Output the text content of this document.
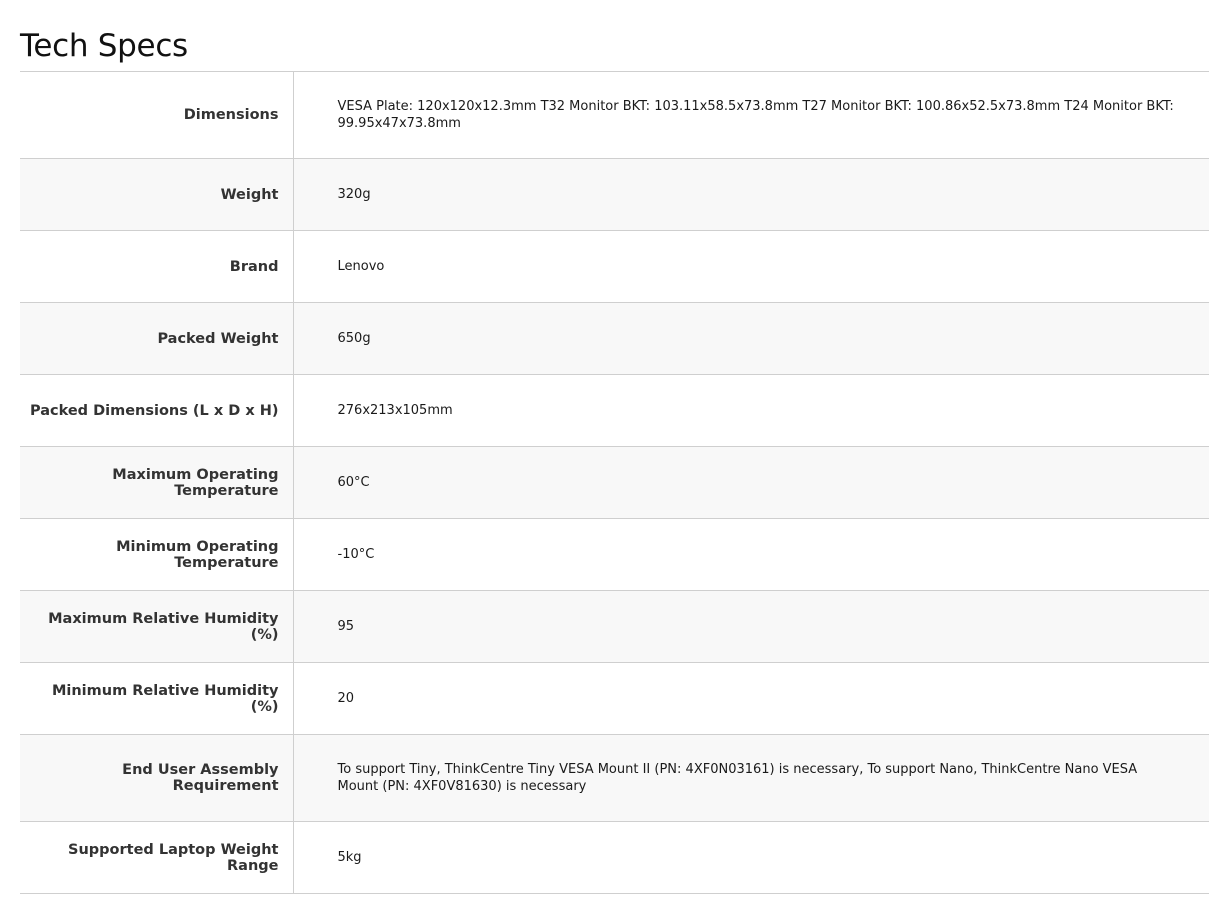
Tech Specs
Dimensions	VESA Plate: 120x120x12.3mm T32 Monitor BKT: 103.11x58.5x73.8mm T27 Monitor BKT: 100.86x52.5x73.8mm T24 Monitor BKT: 99.95x47x73.8mm
Weight	320g
Brand	Lenovo
Packed Weight	650g
Packed Dimensions (L x D x H)	276x213x105mm
Maximum Operating Temperature	60°C
Minimum Operating Temperature	-10°C
Maximum Relative Humidity (%)	95
Minimum Relative Humidity (%)	20
End User Assembly Requirement	To support Tiny, ThinkCentre Tiny VESA Mount II (PN: 4XF0N03161) is necessary, To support Nano, ThinkCentre Nano VESA Mount (PN: 4XF0V81630) is necessary
Supported Laptop Weight Range	5kg
